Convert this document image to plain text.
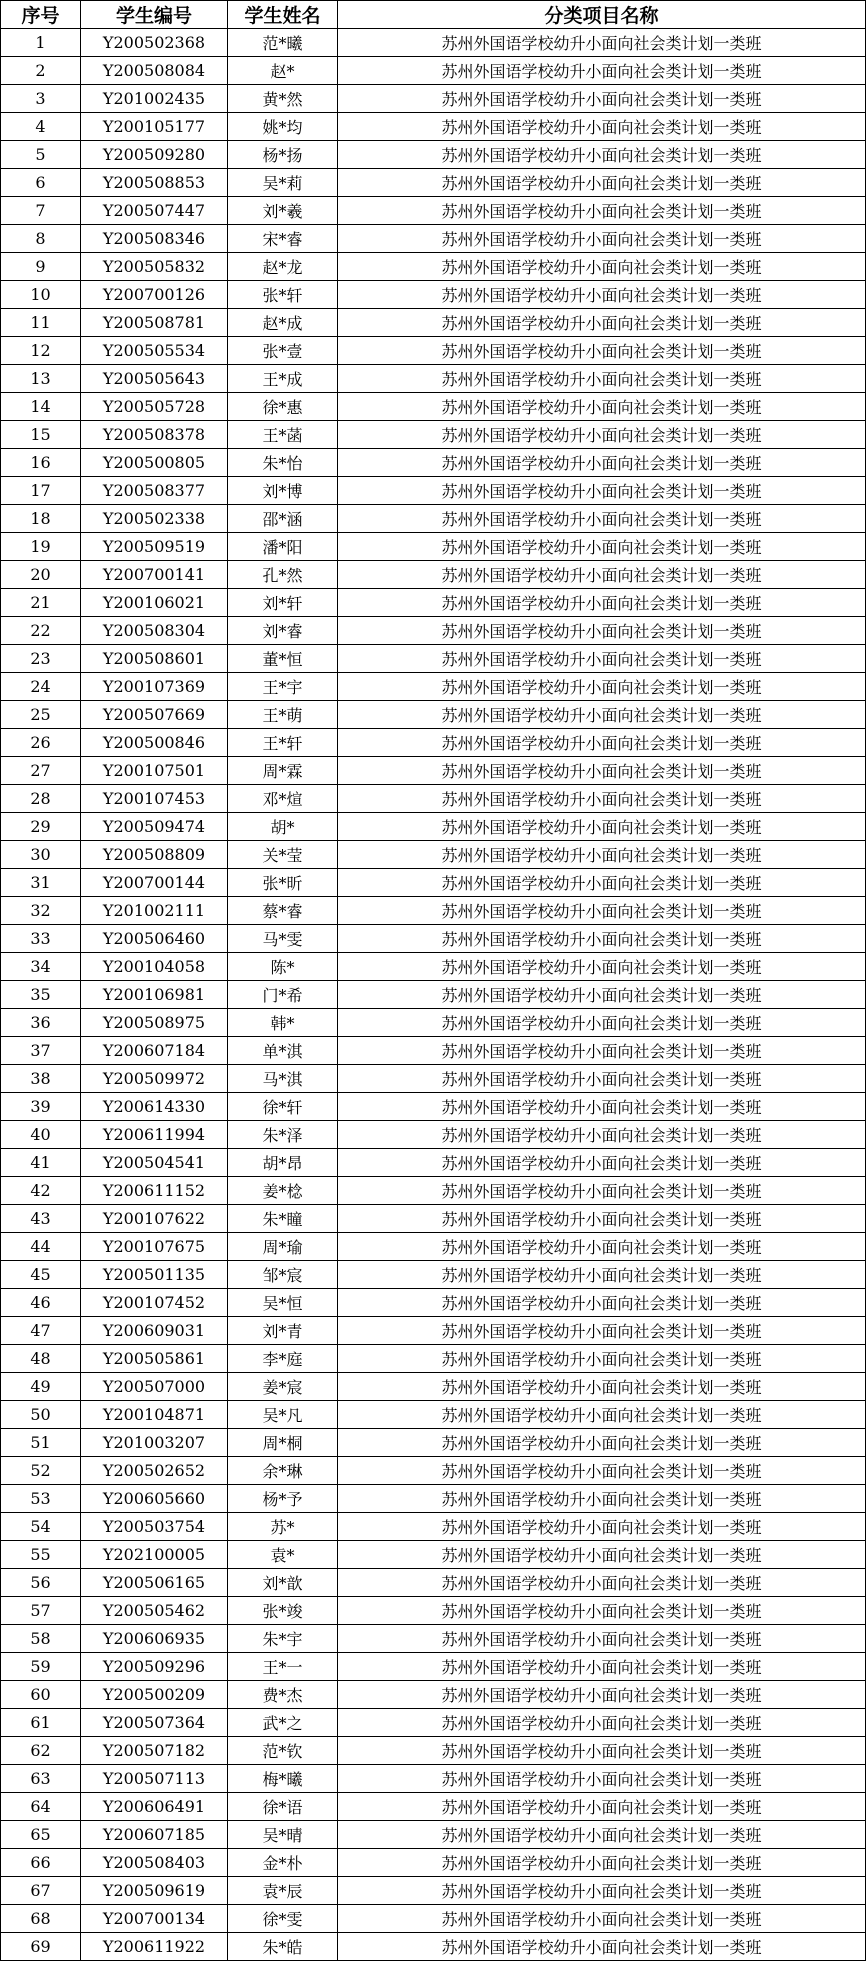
序号	学生编号	学生姓名	分类项目名称
1	Y200502368	范*曦	苏州外国语学校幼升小面向社会类计划一类班
2	Y200508084	赵*	苏州外国语学校幼升小面向社会类计划一类班
3	Y201002435	黄*然	苏州外国语学校幼升小面向社会类计划一类班
4	Y200105177	姚*均	苏州外国语学校幼升小面向社会类计划一类班
5	Y200509280	杨*扬	苏州外国语学校幼升小面向社会类计划一类班
6	Y200508853	吴*莉	苏州外国语学校幼升小面向社会类计划一类班
7	Y200507447	刘*羲	苏州外国语学校幼升小面向社会类计划一类班
8	Y200508346	宋*睿	苏州外国语学校幼升小面向社会类计划一类班
9	Y200505832	赵*龙	苏州外国语学校幼升小面向社会类计划一类班
10	Y200700126	张*轩	苏州外国语学校幼升小面向社会类计划一类班
11	Y200508781	赵*成	苏州外国语学校幼升小面向社会类计划一类班
12	Y200505534	张*壹	苏州外国语学校幼升小面向社会类计划一类班
13	Y200505643	王*成	苏州外国语学校幼升小面向社会类计划一类班
14	Y200505728	徐*惠	苏州外国语学校幼升小面向社会类计划一类班
15	Y200508378	王*菡	苏州外国语学校幼升小面向社会类计划一类班
16	Y200500805	朱*怡	苏州外国语学校幼升小面向社会类计划一类班
17	Y200508377	刘*博	苏州外国语学校幼升小面向社会类计划一类班
18	Y200502338	邵*涵	苏州外国语学校幼升小面向社会类计划一类班
19	Y200509519	潘*阳	苏州外国语学校幼升小面向社会类计划一类班
20	Y200700141	孔*然	苏州外国语学校幼升小面向社会类计划一类班
21	Y200106021	刘*轩	苏州外国语学校幼升小面向社会类计划一类班
22	Y200508304	刘*睿	苏州外国语学校幼升小面向社会类计划一类班
23	Y200508601	董*恒	苏州外国语学校幼升小面向社会类计划一类班
24	Y200107369	王*宇	苏州外国语学校幼升小面向社会类计划一类班
25	Y200507669	王*萌	苏州外国语学校幼升小面向社会类计划一类班
26	Y200500846	王*轩	苏州外国语学校幼升小面向社会类计划一类班
27	Y200107501	周*霖	苏州外国语学校幼升小面向社会类计划一类班
28	Y200107453	邓*煊	苏州外国语学校幼升小面向社会类计划一类班
29	Y200509474	胡*	苏州外国语学校幼升小面向社会类计划一类班
30	Y200508809	关*莹	苏州外国语学校幼升小面向社会类计划一类班
31	Y200700144	张*昕	苏州外国语学校幼升小面向社会类计划一类班
32	Y201002111	蔡*睿	苏州外国语学校幼升小面向社会类计划一类班
33	Y200506460	马*雯	苏州外国语学校幼升小面向社会类计划一类班
34	Y200104058	陈*	苏州外国语学校幼升小面向社会类计划一类班
35	Y200106981	门*希	苏州外国语学校幼升小面向社会类计划一类班
36	Y200508975	韩*	苏州外国语学校幼升小面向社会类计划一类班
37	Y200607184	单*淇	苏州外国语学校幼升小面向社会类计划一类班
38	Y200509972	马*淇	苏州外国语学校幼升小面向社会类计划一类班
39	Y200614330	徐*轩	苏州外国语学校幼升小面向社会类计划一类班
40	Y200611994	朱*泽	苏州外国语学校幼升小面向社会类计划一类班
41	Y200504541	胡*昂	苏州外国语学校幼升小面向社会类计划一类班
42	Y200611152	姜*棯	苏州外国语学校幼升小面向社会类计划一类班
43	Y200107622	朱*瞳	苏州外国语学校幼升小面向社会类计划一类班
44	Y200107675	周*瑜	苏州外国语学校幼升小面向社会类计划一类班
45	Y200501135	邹*宸	苏州外国语学校幼升小面向社会类计划一类班
46	Y200107452	吴*恒	苏州外国语学校幼升小面向社会类计划一类班
47	Y200609031	刘*青	苏州外国语学校幼升小面向社会类计划一类班
48	Y200505861	李*庭	苏州外国语学校幼升小面向社会类计划一类班
49	Y200507000	姜*宸	苏州外国语学校幼升小面向社会类计划一类班
50	Y200104871	吴*凡	苏州外国语学校幼升小面向社会类计划一类班
51	Y201003207	周*桐	苏州外国语学校幼升小面向社会类计划一类班
52	Y200502652	余*琳	苏州外国语学校幼升小面向社会类计划一类班
53	Y200605660	杨*予	苏州外国语学校幼升小面向社会类计划一类班
54	Y200503754	苏*	苏州外国语学校幼升小面向社会类计划一类班
55	Y202100005	袁*	苏州外国语学校幼升小面向社会类计划一类班
56	Y200506165	刘*歆	苏州外国语学校幼升小面向社会类计划一类班
57	Y200505462	张*竣	苏州外国语学校幼升小面向社会类计划一类班
58	Y200606935	朱*宇	苏州外国语学校幼升小面向社会类计划一类班
59	Y200509296	王*一	苏州外国语学校幼升小面向社会类计划一类班
60	Y200500209	费*杰	苏州外国语学校幼升小面向社会类计划一类班
61	Y200507364	武*之	苏州外国语学校幼升小面向社会类计划一类班
62	Y200507182	范*钦	苏州外国语学校幼升小面向社会类计划一类班
63	Y200507113	梅*曦	苏州外国语学校幼升小面向社会类计划一类班
64	Y200606491	徐*语	苏州外国语学校幼升小面向社会类计划一类班
65	Y200607185	吴*晴	苏州外国语学校幼升小面向社会类计划一类班
66	Y200508403	金*朴	苏州外国语学校幼升小面向社会类计划一类班
67	Y200509619	袁*辰	苏州外国语学校幼升小面向社会类计划一类班
68	Y200700134	徐*雯	苏州外国语学校幼升小面向社会类计划一类班
69	Y200611922	朱*皓	苏州外国语学校幼升小面向社会类计划一类班
